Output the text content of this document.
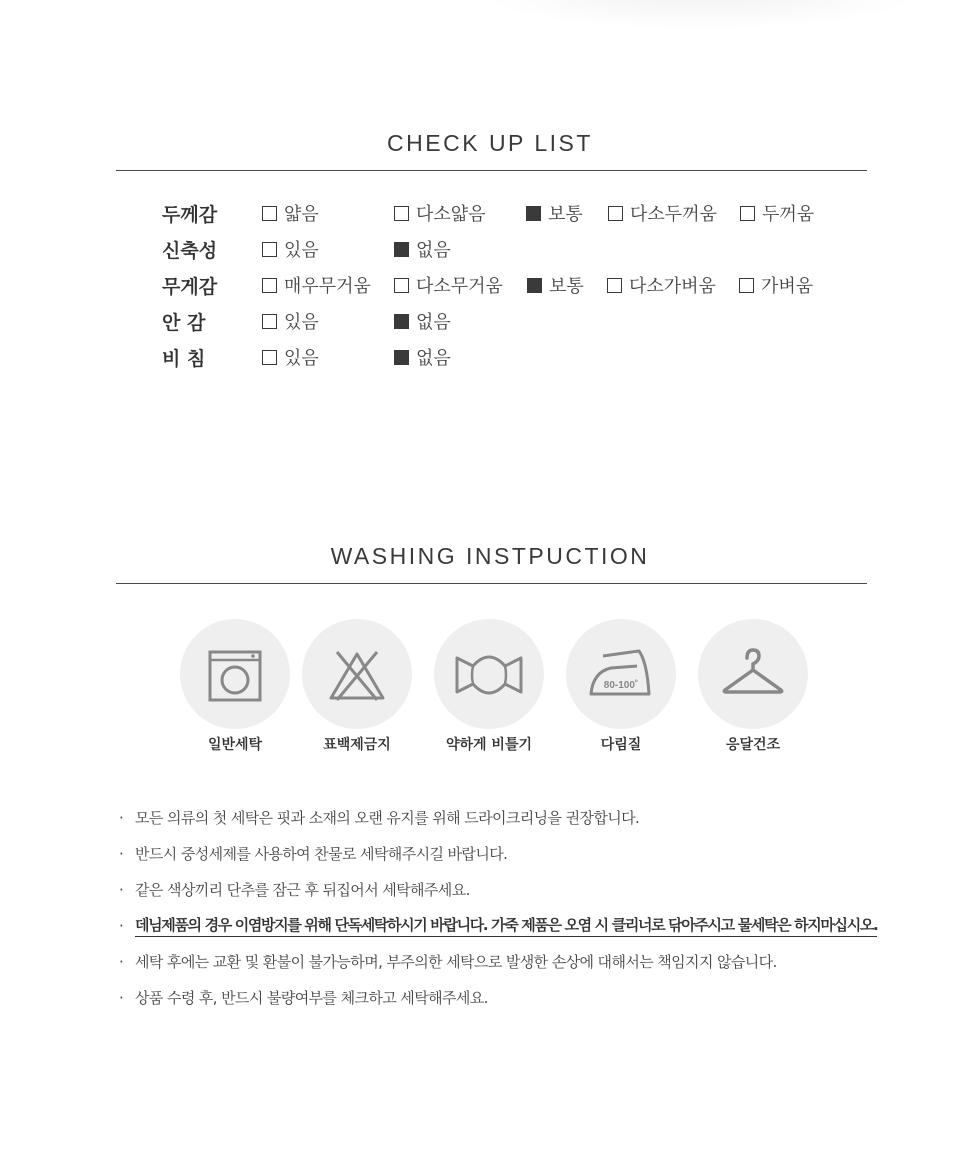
CHECK UP LIST
두께감	얇음	다소얇음	보통	다소두꺼움	두꺼움
신축성	있음	없음
무게감	매우무거움	다소무거움	보통	다소가벼움	가벼움
안 감	있음	없음
비 침	있음	없음
WASHING INSTPUCTION
일반세탁	표백제금지	약하게 비틀기
80-100˚
다림질	응달건조
· 모든 의류의 첫 세탁은 핏과 소재의 오랜 유지를 위해 드라이크리닝을 권장합니다.
· 반드시 중성세제를 사용하여 찬물로 세탁해주시길 바랍니다.
· 같은 색상끼리 단추를 잠근 후 뒤집어서 세탁해주세요.
· 데님제품의 경우 이염방지를 위해 단독세탁하시기 바랍니다. 가죽 제품은 오염 시 클리너로 닦아주시고 물세탁은 하지마십시오.
· 세탁 후에는 교환 및 환불이 불가능하며, 부주의한 세탁으로 발생한 손상에 대해서는 책임지지 않습니다.
· 상품 수령 후, 반드시 불량여부를 체크하고 세탁해주세요.
